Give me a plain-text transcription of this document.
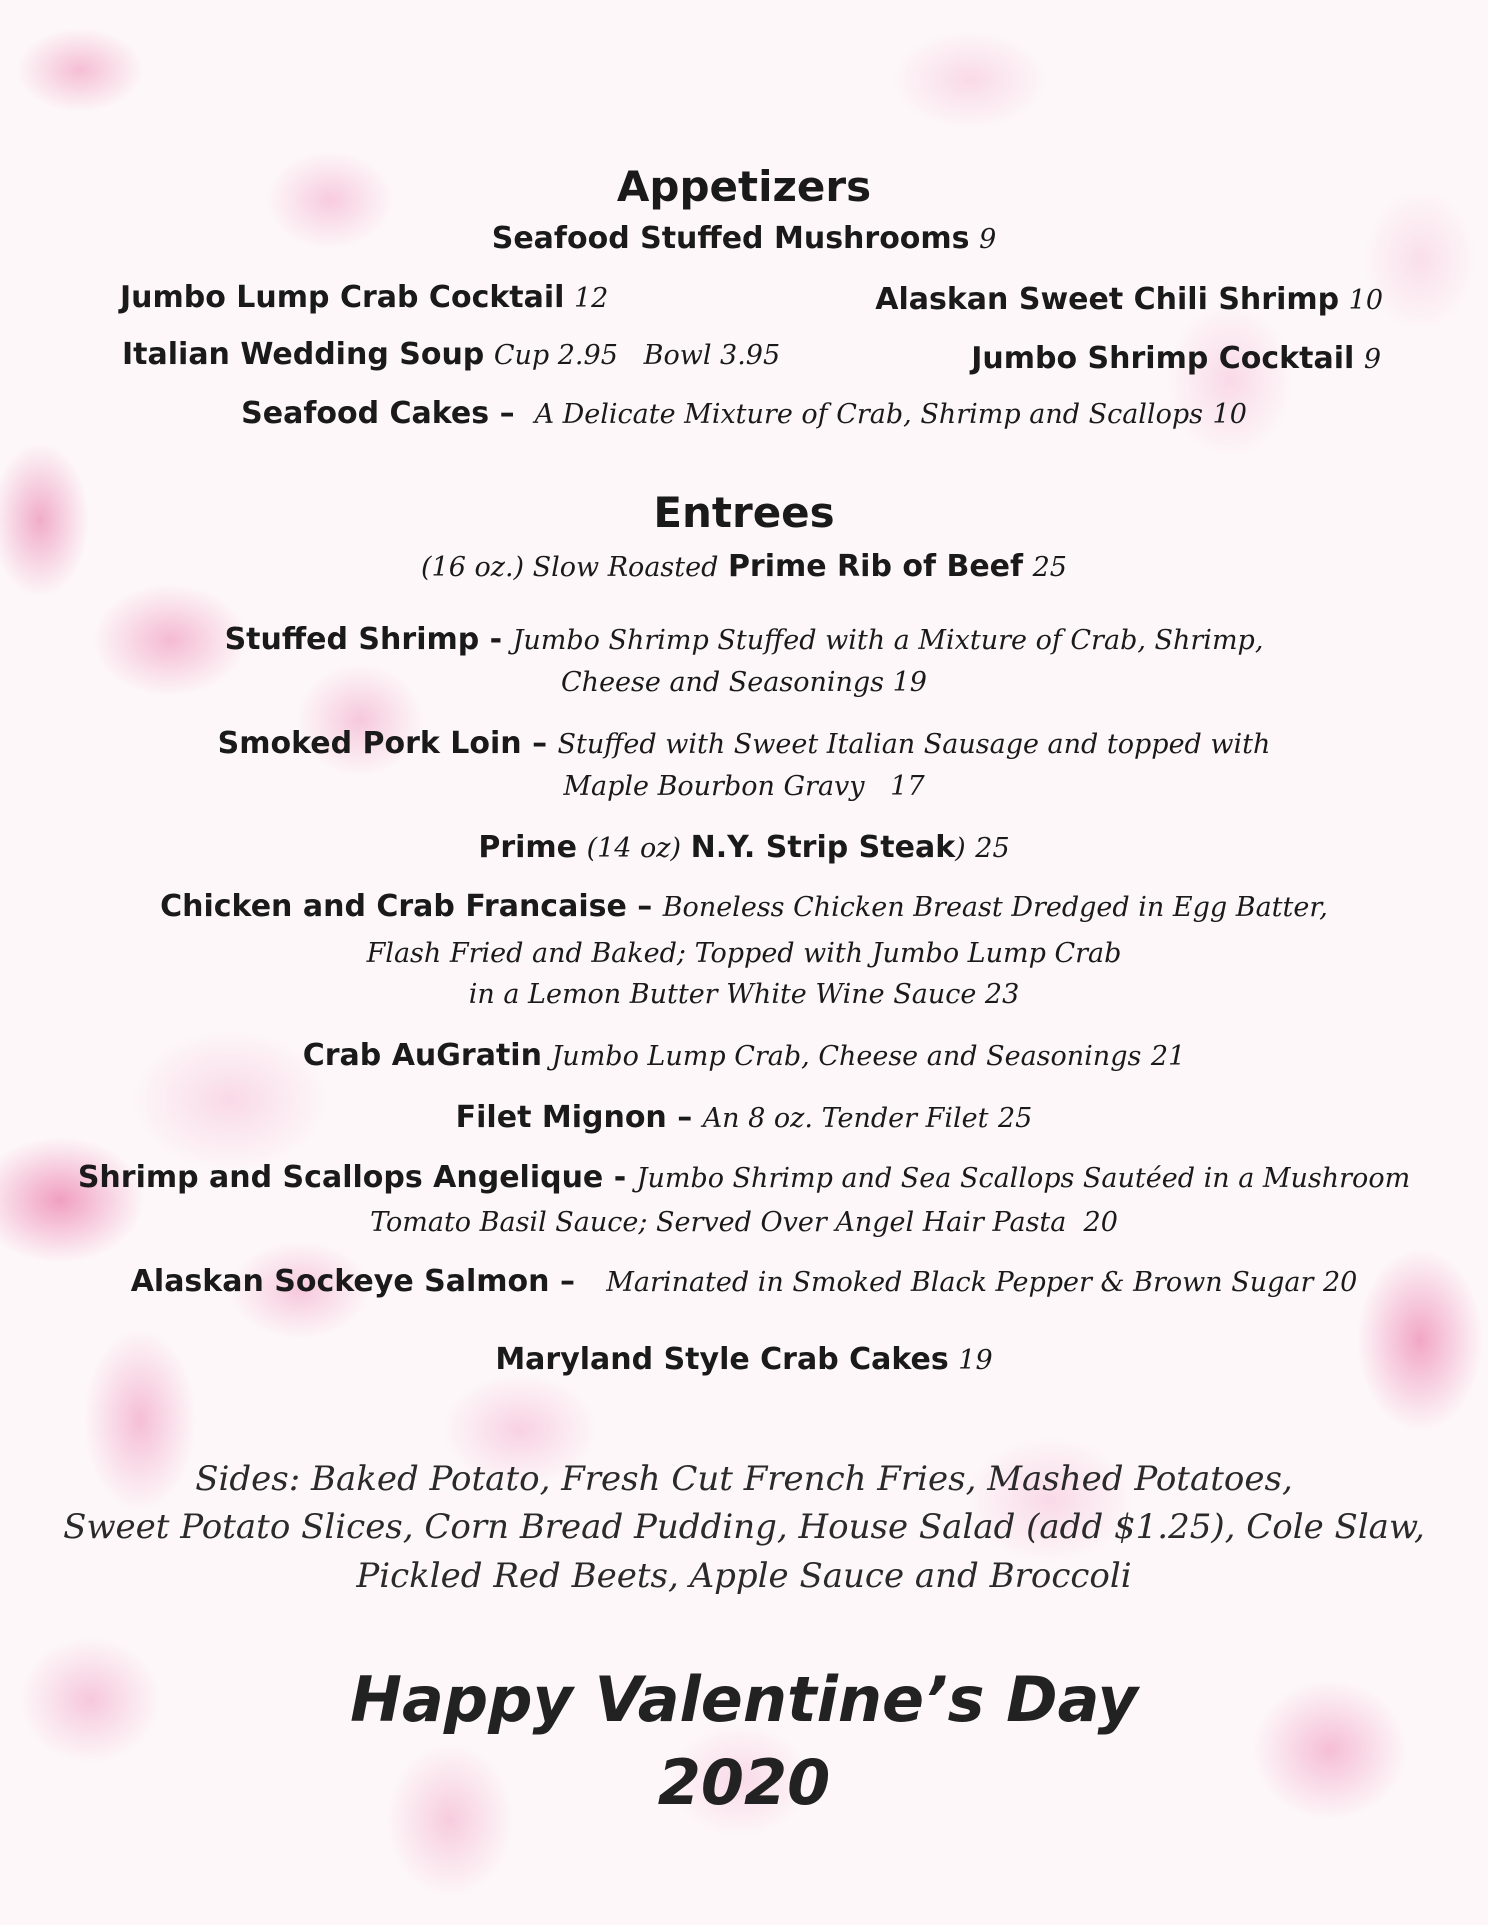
Appetizers
Seafood Stuffed Mushrooms 9
Jumbo Lump Crab Cocktail 12	Alaskan Sweet Chili Shrimp 10
Italian Wedding Soup Cup 2.95   Bowl 3.95	Jumbo Shrimp Cocktail 9
Seafood Cakes –  A Delicate Mixture of Crab, Shrimp and Scallops 10
Entrees
(16 oz.) Slow Roasted Prime Rib of Beef 25
Stuffed Shrimp - Jumbo Shrimp Stuffed with a Mixture of Crab, Shrimp,
Cheese and Seasonings 19
Smoked Pork Loin – Stuffed with Sweet Italian Sausage and topped with
Maple Bourbon Gravy   17
Prime (14 oz) N.Y. Strip Steak) 25
Chicken and Crab Francaise – Boneless Chicken Breast Dredged in Egg Batter,
Flash Fried and Baked; Topped with Jumbo Lump Crab
in a Lemon Butter White Wine Sauce 23
Crab AuGratin Jumbo Lump Crab, Cheese and Seasonings 21
Filet Mignon – An 8 oz. Tender Filet 25
Shrimp and Scallops Angelique - Jumbo Shrimp and Sea Scallops Sautéed in a Mushroom
Tomato Basil Sauce; Served Over Angel Hair Pasta  20
Alaskan Sockeye Salmon –   Marinated in Smoked Black Pepper & Brown Sugar 20
Maryland Style Crab Cakes 19
Sides: Baked Potato, Fresh Cut French Fries, Mashed Potatoes,
Sweet Potato Slices, Corn Bread Pudding, House Salad (add $1.25), Cole Slaw,
Pickled Red Beets, Apple Sauce and Broccoli
Happy Valentine’s Day
2020
